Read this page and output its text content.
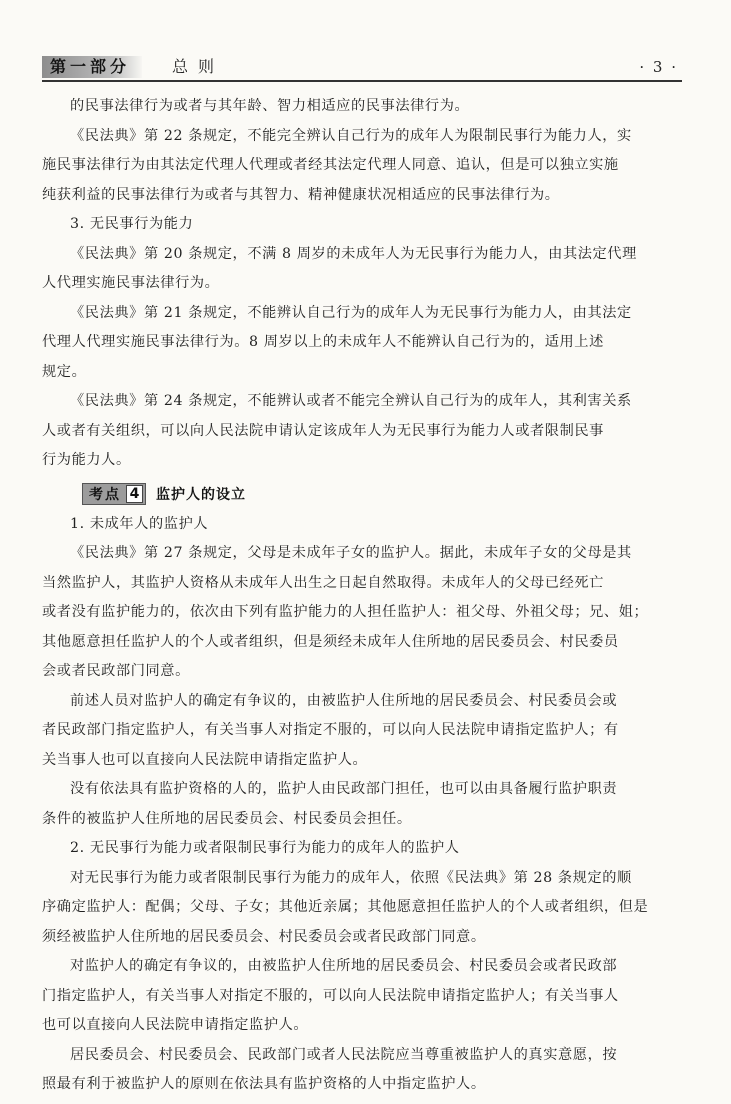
第一部分	总则	· 3 ·

的民事法律行为或者与其年龄、智力相适应的民事法律行为。

《民法典》第 22 条规定，不能完全辨认自己行为的成年人为限制民事行为能力人，实

施民事法律行为由其法定代理人代理或者经其法定代理人同意、追认，但是可以独立实施

纯获利益的民事法律行为或者与其智力、精神健康状况相适应的民事法律行为。

3. 无民事行为能力

《民法典》第 20 条规定，不满 8 周岁的未成年人为无民事行为能力人，由其法定代理

人代理实施民事法律行为。

《民法典》第 21 条规定，不能辨认自己行为的成年人为无民事行为能力人，由其法定

代理人代理实施民事法律行为。8 周岁以上的未成年人不能辨认自己行为的，适用上述

规定。

《民法典》第 24 条规定，不能辨认或者不能完全辨认自己行为的成年人，其利害关系

人或者有关组织，可以向人民法院申请认定该成年人为无民事行为能力人或者限制民事

行为能力人。

考点 4 监护人的设立

1. 未成年人的监护人

《民法典》第 27 条规定，父母是未成年子女的监护人。据此，未成年子女的父母是其

当然监护人，其监护人资格从未成年人出生之日起自然取得。未成年人的父母已经死亡

或者没有监护能力的，依次由下列有监护能力的人担任监护人：祖父母、外祖父母；兄、姐；

其他愿意担任监护人的个人或者组织，但是须经未成年人住所地的居民委员会、村民委员

会或者民政部门同意。

前述人员对监护人的确定有争议的，由被监护人住所地的居民委员会、村民委员会或

者民政部门指定监护人，有关当事人对指定不服的，可以向人民法院申请指定监护人；有

关当事人也可以直接向人民法院申请指定监护人。

没有依法具有监护资格的人的，监护人由民政部门担任，也可以由具备履行监护职责

条件的被监护人住所地的居民委员会、村民委员会担任。

2. 无民事行为能力或者限制民事行为能力的成年人的监护人

对无民事行为能力或者限制民事行为能力的成年人，依照《民法典》第 28 条规定的顺

序确定监护人：配偶；父母、子女；其他近亲属；其他愿意担任监护人的个人或者组织，但是

须经被监护人住所地的居民委员会、村民委员会或者民政部门同意。

对监护人的确定有争议的，由被监护人住所地的居民委员会、村民委员会或者民政部

门指定监护人，有关当事人对指定不服的，可以向人民法院申请指定监护人；有关当事人

也可以直接向人民法院申请指定监护人。

居民委员会、村民委员会、民政部门或者人民法院应当尊重被监护人的真实意愿，按

照最有利于被监护人的原则在依法具有监护资格的人中指定监护人。
